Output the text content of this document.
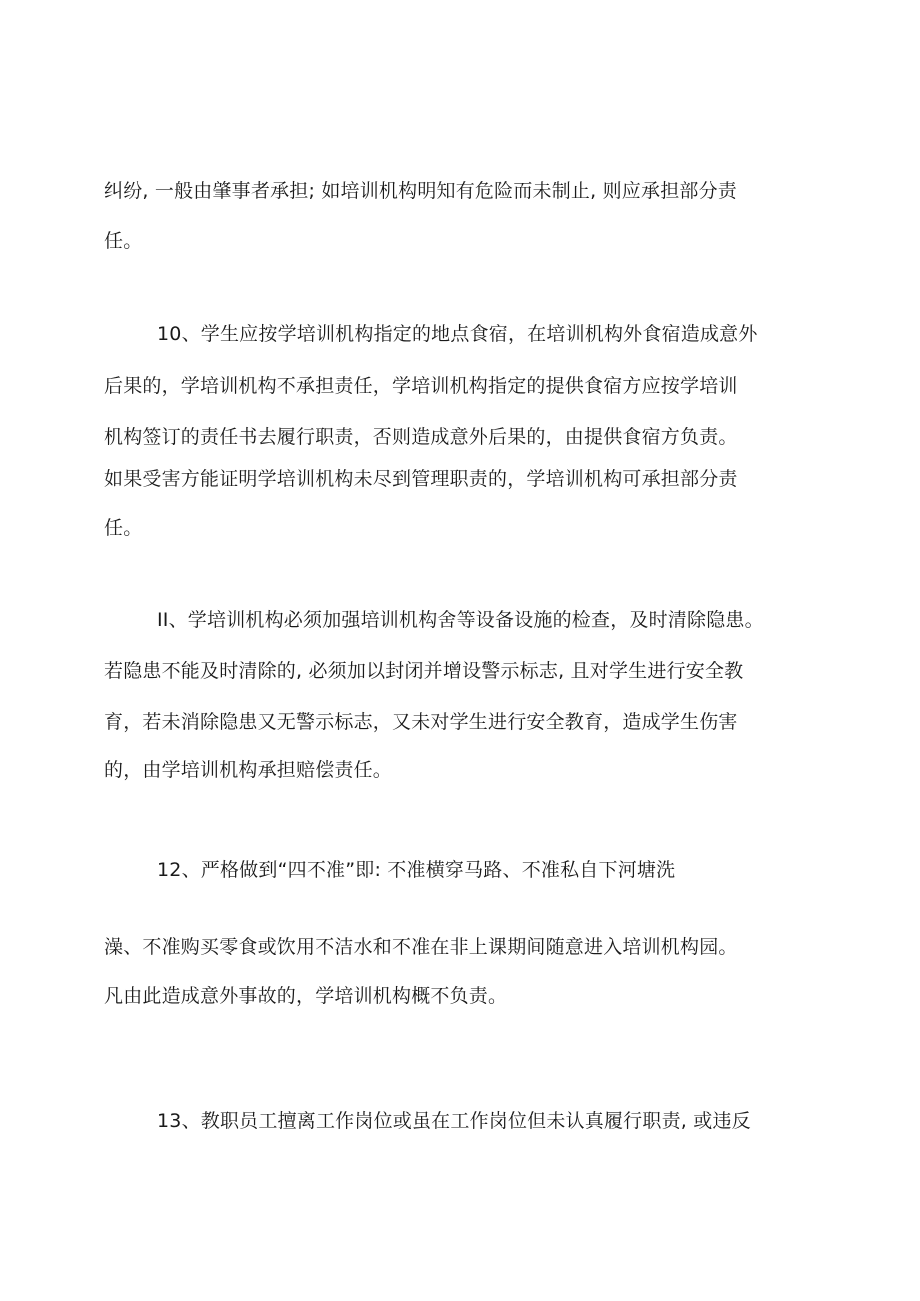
纠纷, 一般由肇事者承担; 如培训机构明知有危险而未制止, 则应承担部分责
任。
10、学生应按学培训机构指定的地点食宿，在培训机构外食宿造成意外
后果的，学培训机构不承担责任，学培训机构指定的提供食宿方应按学培训
机构签订的责任书去履行职责，否则造成意外后果的，由提供食宿方负责。
如果受害方能证明学培训机构未尽到管理职责的，学培训机构可承担部分责
任。
II、学培训机构必须加强培训机构舍等设备设施的检查，及时清除隐患。
若隐患不能及时清除的, 必须加以封闭并增设警示标志, 且对学生进行安全教
育，若未消除隐患又无警示标志，又未对学生进行安全教育，造成学生伤害
的，由学培训机构承担赔偿责任。
12、严格做到“四不准”即: 不准横穿马路、不准私自下河塘洗
澡、不准购买零食或饮用不洁水和不准在非上课期间随意进入培训机构园。
凡由此造成意外事故的，学培训机构概不负责。
13、教职员工擅离工作岗位或虽在工作岗位但未认真履行职责, 或违反
